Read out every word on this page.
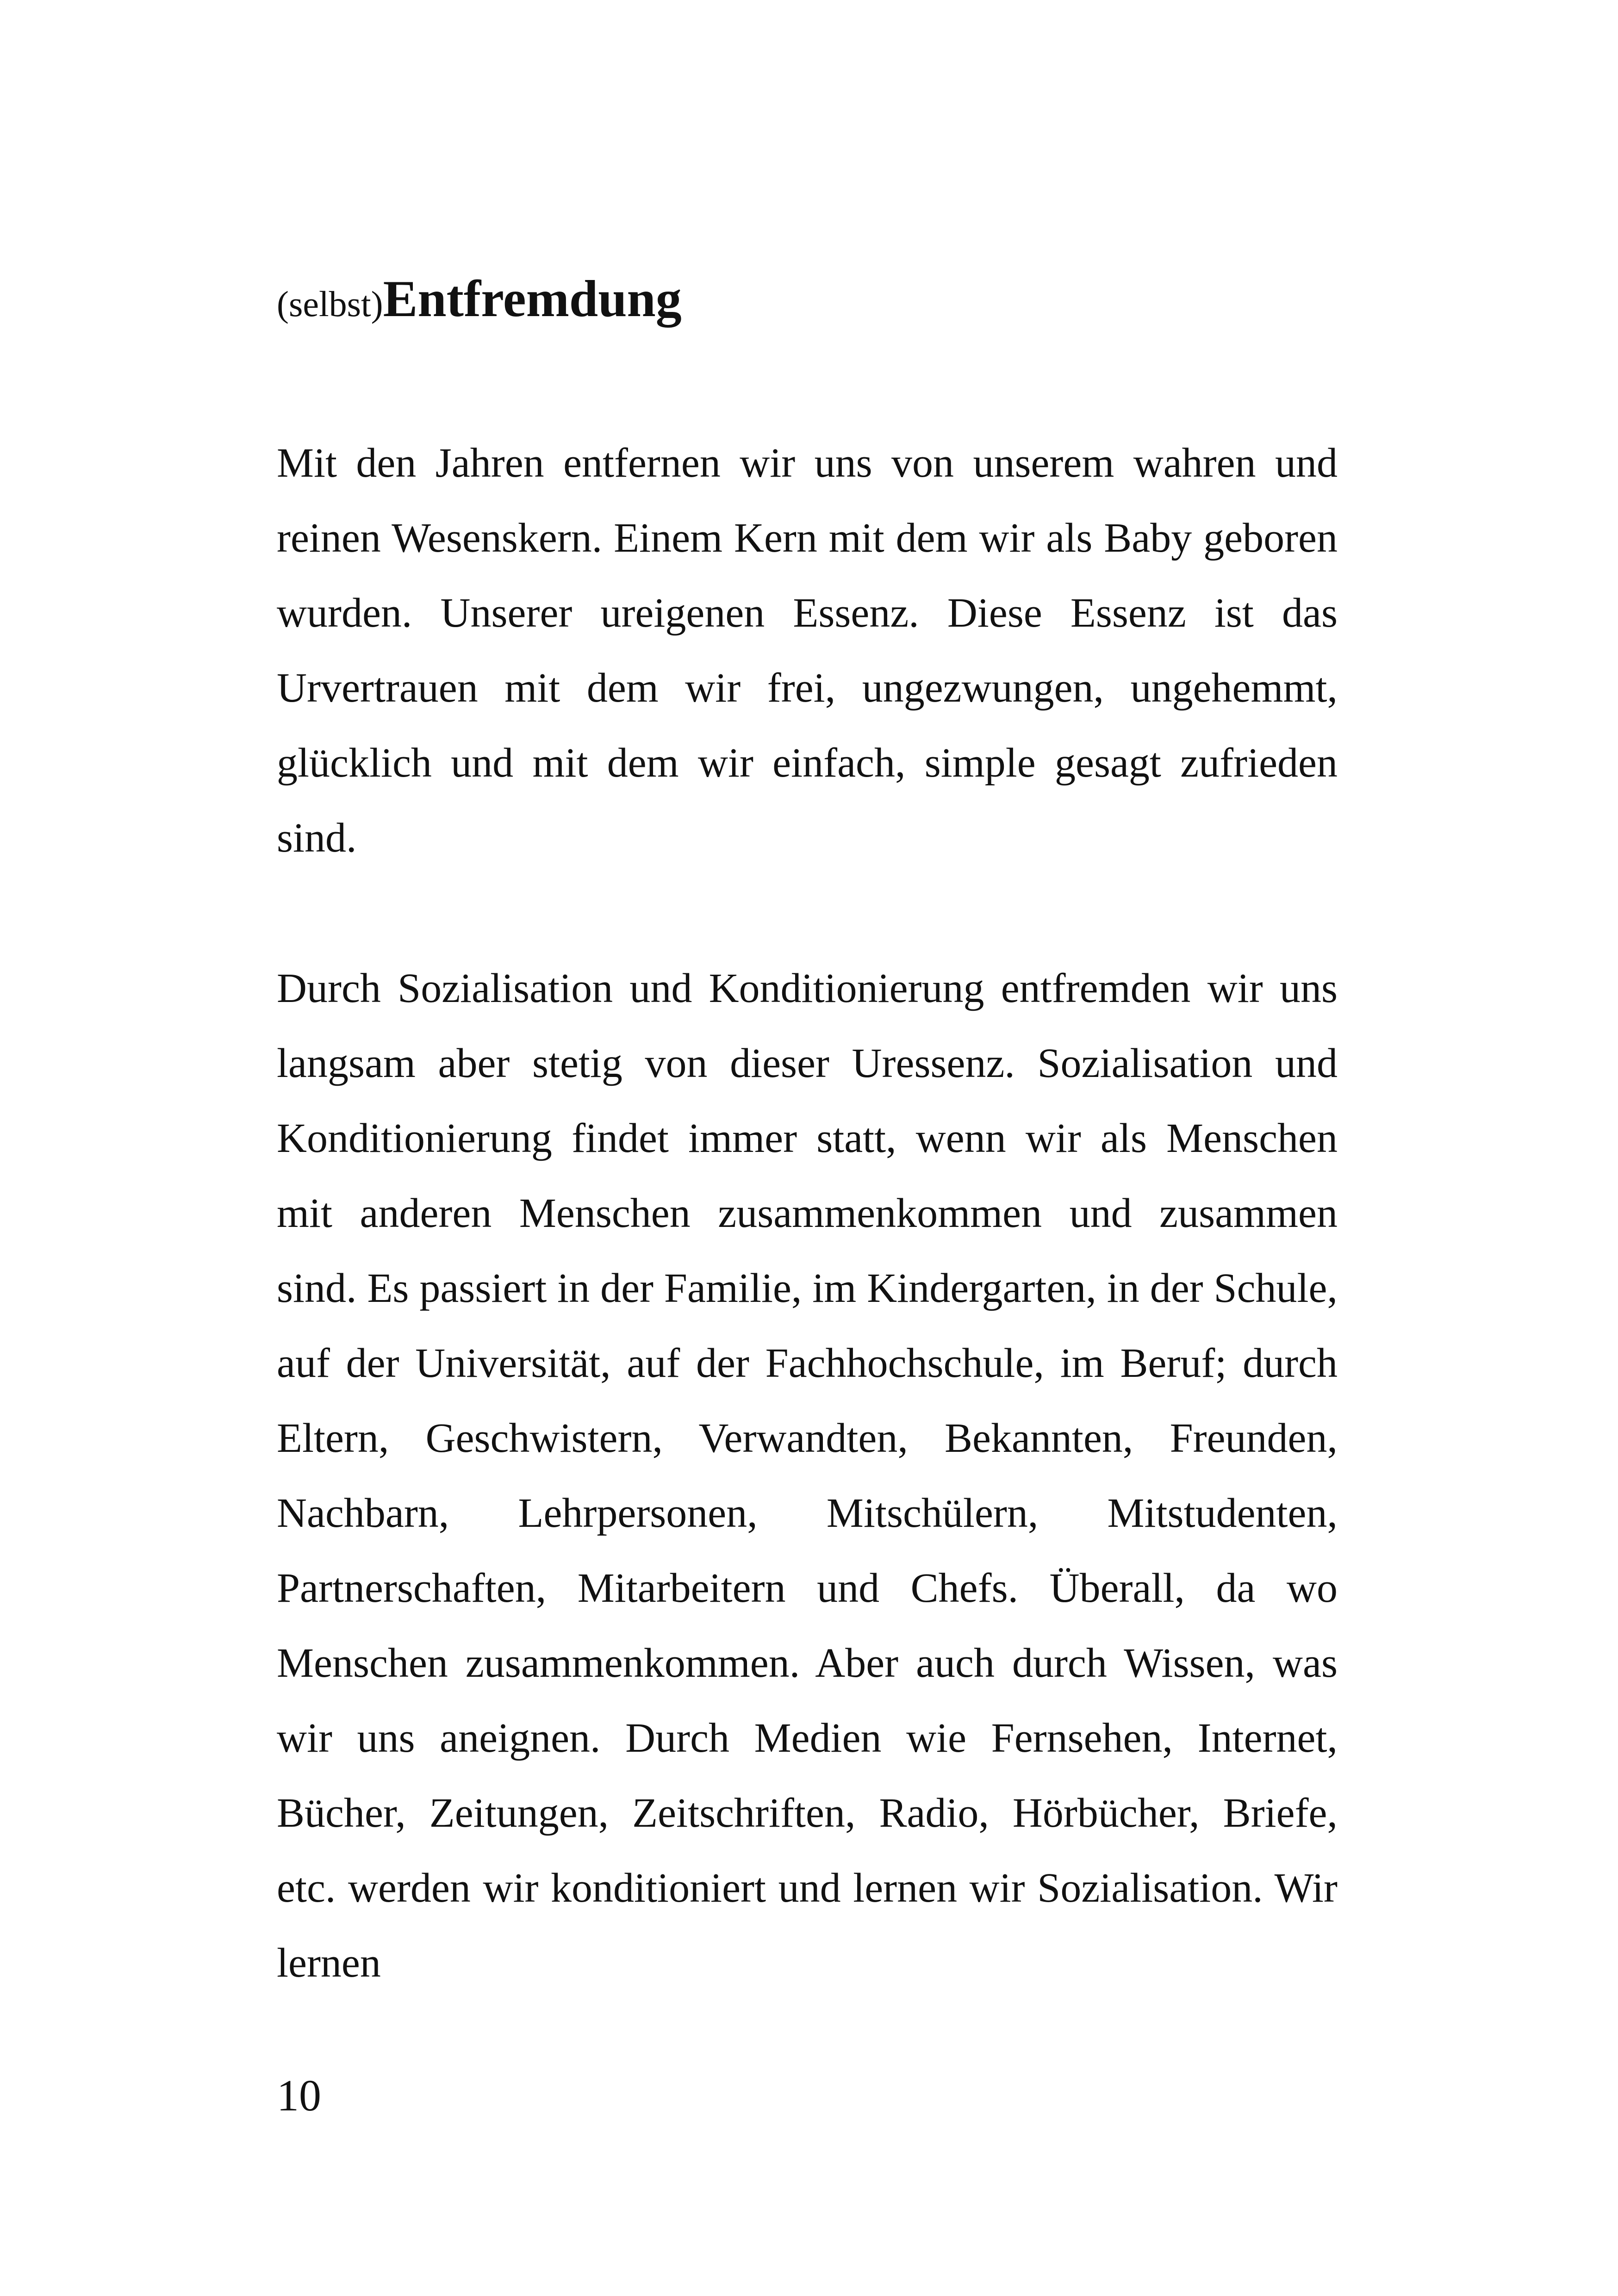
(selbst)Entfremdung

Mit den Jahren entfernen wir uns von unserem wahren und reinen Wesenskern. Einem Kern mit dem wir als Baby geboren wurden. Unserer ureigenen Essenz. Diese Essenz ist das Urvertrauen mit dem wir frei, ungezwungen, ungehemmt, glücklich und mit dem wir einfach, simple gesagt zufrieden sind.

Durch Sozialisation und Konditionierung entfremden wir uns langsam aber stetig von dieser Uressenz. Sozialisation und Konditionierung findet immer statt, wenn wir als Menschen mit anderen Menschen zusammenkommen und zusammen sind. Es passiert in der Familie, im Kindergarten, in der Schule, auf der Universität, auf der Fachhochschule, im Beruf; durch Eltern, Geschwistern, Verwandten, Bekannten, Freunden, Nachbarn, Lehrpersonen, Mitschülern, Mitstudenten, Partnerschaften, Mitarbeitern und Chefs. Überall, da wo Menschen zusammenkommen. Aber auch durch Wissen, was wir uns aneignen. Durch Medien wie Fernsehen, Internet, Bücher, Zeitungen, Zeitschriften, Radio, Hörbücher, Briefe, etc. werden wir konditioniert und lernen wir Sozialisation. Wir lernen

10
